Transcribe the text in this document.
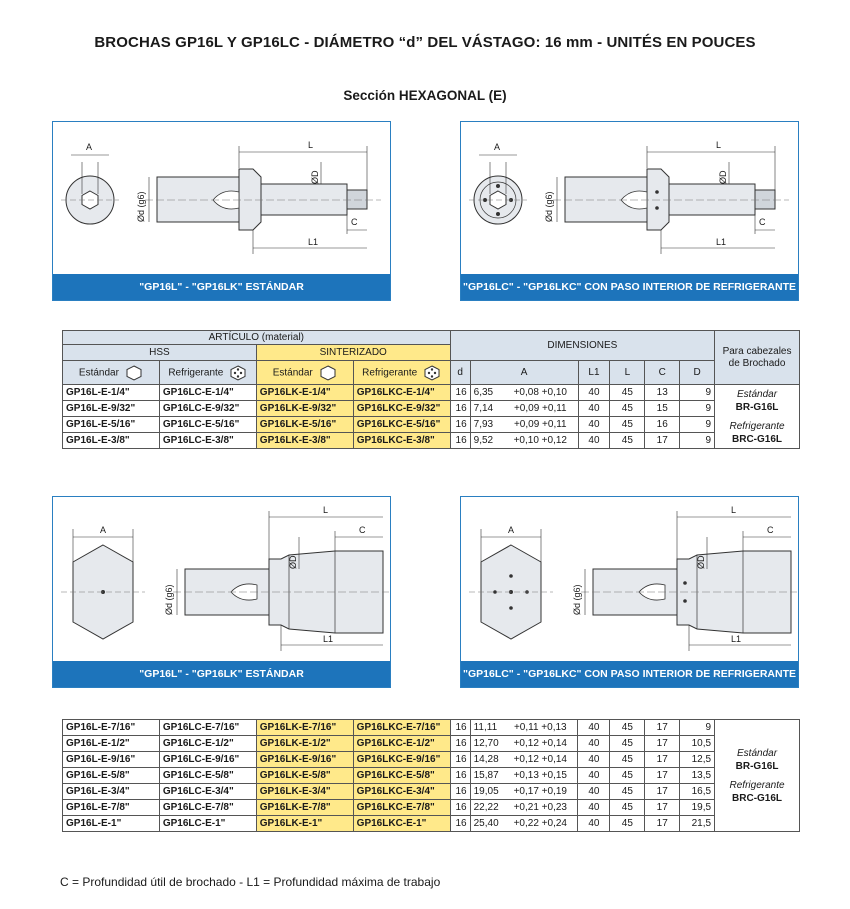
BROCHAS GP16L Y GP16LC - DIÁMETRO “d” DEL VÁSTAGO: 16 mm - UNITÉS EN POUCES
Sección HEXAGONAL (E)
A	L
L1
C
ØD
Ød (g6)
"GP16L" - "GP16LK" ESTÁNDAR
A	L
L1
C
ØD
Ød (g6)
"GP16LC" - "GP16LKC" CON PASO INTERIOR DE REFRIGERANTE
ARTÍCULO (material)				DIMENSIONES							Para cabezales de Brochado
HSS		SINTERIZADO									
Estándar	Refrigerante	Estándar	Refrigerante	d	A		L1	L	C	D	
GP16L-E-1/4"	GP16LC-E-1/4"	GP16LK-E-1/4"	GP16LKC-E-1/4"	16	6,35	+0,08 +0,10	40	45	13	9	Estándar
BR-G16L
Refrigerante
BRC-G16L

GP16L-E-9/32"	GP16LC-E-9/32"	GP16LK-E-9/32"	GP16LKC-E-9/32"	16	7,14	+0,09 +0,11	40	45	15	9	
GP16L-E-5/16"	GP16LC-E-5/16"	GP16LK-E-5/16"	GP16LKC-E-5/16"	16	7,93	+0,09 +0,11	40	45	16	9	
GP16L-E-3/8"	GP16LC-E-3/8"	GP16LK-E-3/8"	GP16LKC-E-3/8"	16	9,52	+0,10 +0,12	40	45	17	9	
A
L
C
L1
ØD
Ød (g6)
"GP16L" - "GP16LK" ESTÁNDAR
A
L
C
L1
ØD
Ød (g6)
"GP16LC" - "GP16LKC" CON PASO INTERIOR DE REFRIGERANTE
GP16L-E-7/16"	GP16LC-E-7/16"	GP16LK-E-7/16"	GP16LKC-E-7/16"	16	11,11	+0,11 +0,13	40	45	17	9	Estándar
BR-G16L
Refrigerante
BRC-G16L

GP16L-E-1/2"	GP16LC-E-1/2"	GP16LK-E-1/2"	GP16LKC-E-1/2"	16	12,70	+0,12 +0,14	40	45	17	10,5	
GP16L-E-9/16"	GP16LC-E-9/16"	GP16LK-E-9/16"	GP16LKC-E-9/16"	16	14,28	+0,12 +0,14	40	45	17	12,5	
GP16L-E-5/8"	GP16LC-E-5/8"	GP16LK-E-5/8"	GP16LKC-E-5/8"	16	15,87	+0,13 +0,15	40	45	17	13,5	
GP16L-E-3/4"	GP16LC-E-3/4"	GP16LK-E-3/4"	GP16LKC-E-3/4"	16	19,05	+0,17 +0,19	40	45	17	16,5	
GP16L-E-7/8"	GP16LC-E-7/8"	GP16LK-E-7/8"	GP16LKC-E-7/8"	16	22,22	+0,21 +0,23	40	45	17	19,5	
GP16L-E-1"	GP16LC-E-1"	GP16LK-E-1"	GP16LKC-E-1"	16	25,40	+0,22 +0,24	40	45	17	21,5	
C = Profundidad útil de brochado - L1 = Profundidad máxima de trabajo
